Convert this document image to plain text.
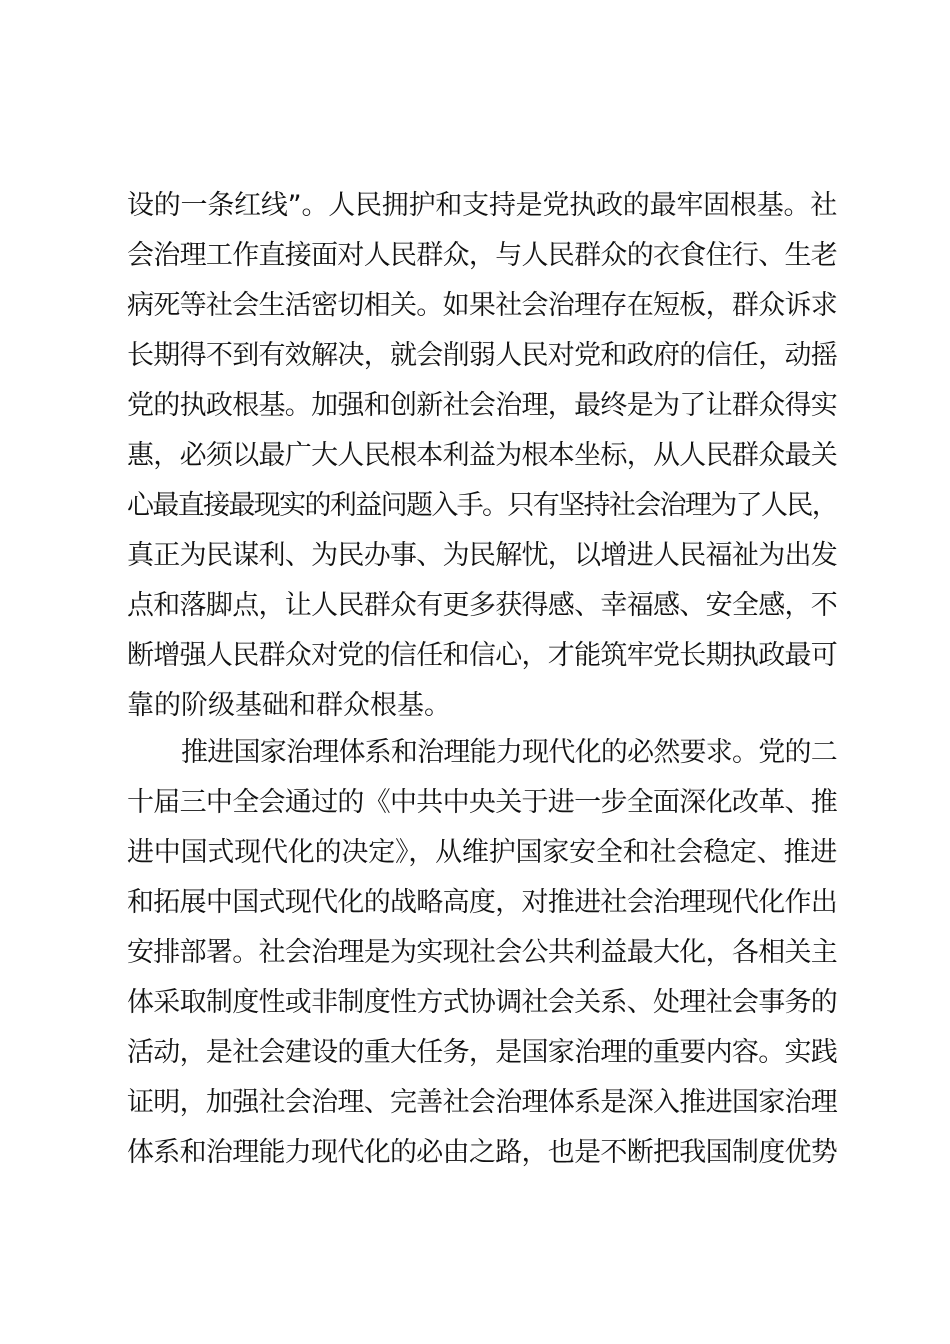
设的一条红线”。人民拥护和支持是党执政的最牢固根基。社
会治理工作直接面对人民群众，与人民群众的衣食住行、生老
病死等社会生活密切相关。如果社会治理存在短板，群众诉求
长期得不到有效解决，就会削弱人民对党和政府的信任，动摇
党的执政根基。加强和创新社会治理，最终是为了让群众得实
惠，必须以最广大人民根本利益为根本坐标，从人民群众最关
心最直接最现实的利益问题入手。只有坚持社会治理为了人民，
真正为民谋利、为民办事、为民解忧，以增进人民福祉为出发
点和落脚点，让人民群众有更多获得感、幸福感、安全感，不
断增强人民群众对党的信任和信心，才能筑牢党长期执政最可
靠的阶级基础和群众根基。
推进国家治理体系和治理能力现代化的必然要求。党的二
十届三中全会通过的《中共中央关于进一步全面深化改革、推
进中国式现代化的决定》，从维护国家安全和社会稳定、推进
和拓展中国式现代化的战略高度，对推进社会治理现代化作出
安排部署。社会治理是为实现社会公共利益最大化，各相关主
体采取制度性或非制度性方式协调社会关系、处理社会事务的
活动，是社会建设的重大任务，是国家治理的重要内容。实践
证明，加强社会治理、完善社会治理体系是深入推进国家治理
体系和治理能力现代化的必由之路，也是不断把我国制度优势
